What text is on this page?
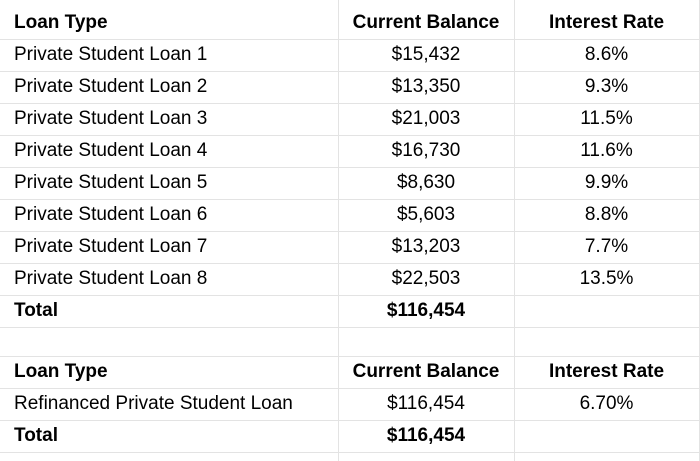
Loan Type	Current Balance	Interest Rate
Private Student Loan 1	$15,432	8.6%
Private Student Loan 2	$13,350	9.3%
Private Student Loan 3	$21,003	11.5%
Private Student Loan 4	$16,730	11.6%
Private Student Loan 5	$8,630	9.9%
Private Student Loan 6	$5,603	8.8%
Private Student Loan 7	$13,203	7.7%
Private Student Loan 8	$22,503	13.5%
Total	$116,454
Loan Type	Current Balance	Interest Rate
Refinanced Private Student Loan	$116,454	6.70%
Total	$116,454
